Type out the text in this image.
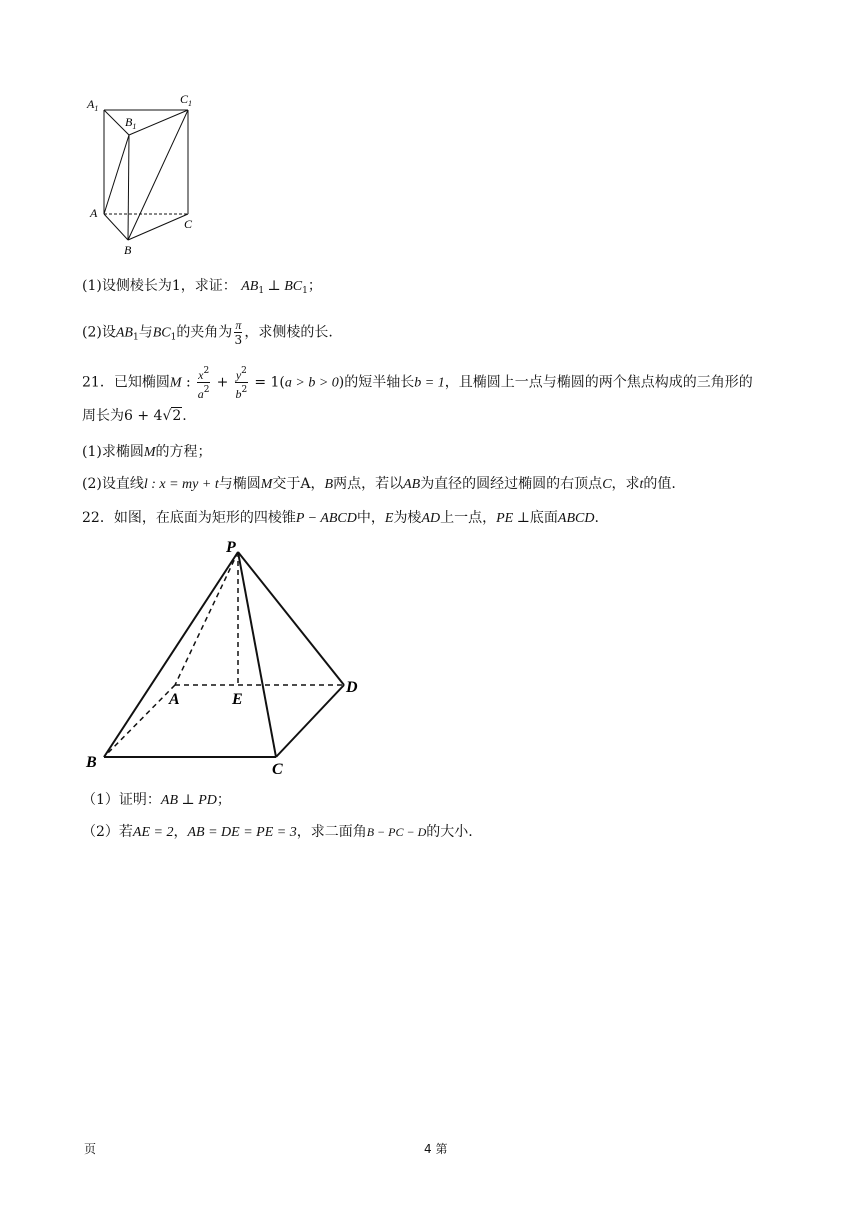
$A_1$
$C_1$
$B_1$
A
C
B
(1)设侧棱长为1，求证： $AB_1$ ⊥ $BC_1$；
(2)设$AB_1$与$BC_1$的夹角为 $\frac{\pi}{3}$ ，求侧棱的长.
21．已知椭圆M : $\frac{x^2}{a^2} + \frac{y^2}{b^2} = 1(a > b > 0)$的短半轴长b = 1，且椭圆上一点与椭圆的两个焦点构成的三角形的
周长为6 + 4√2.
(1)求椭圆M的方程；
(2)设直线l : x = my + t与椭圆M交于A，B两点，若以AB为直径的圆经过椭圆的右顶点C，求t的值.
22．如图，在底面为矩形的四棱锥P − ABCD中，E为棱AD上一点，PE ⊥底面ABCD.
P
A	E
D
B	C
（1）证明：AB ⊥ PD；
（2）若AE = 2，AB = DE = PE = 3，求二面角B − PC − D的大小.
页	4 第
